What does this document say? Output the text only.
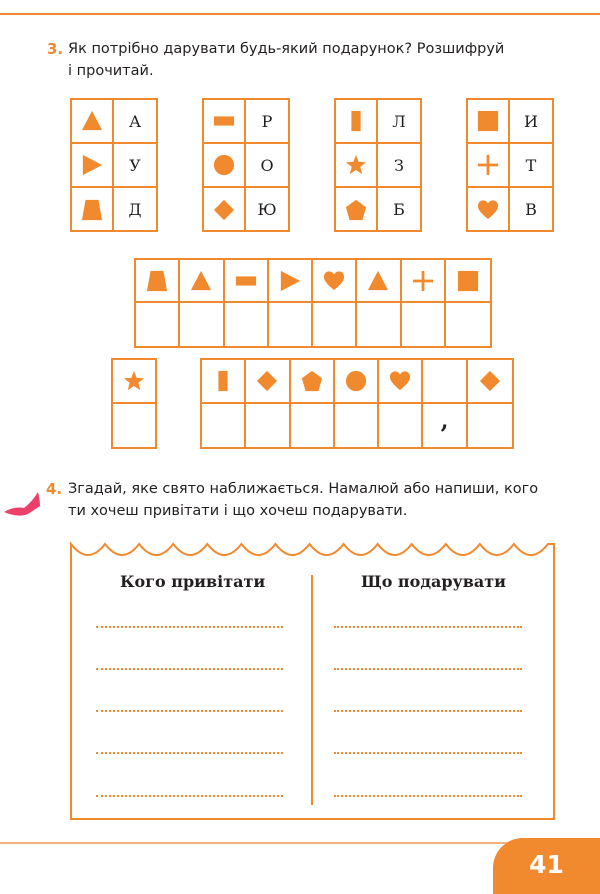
3. Як потрібно дарувати будь-який подарунок? Розшифруй
і прочитай.
А
У
Д
Р
О
Ю
Л
З
Б
И
Т
В
,
4. Згадай, яке свято наближається. Намалюй або напиши, кого
ти хочеш привітати і що хочеш подарувати.
Кого привітати	Що подарувати
41
